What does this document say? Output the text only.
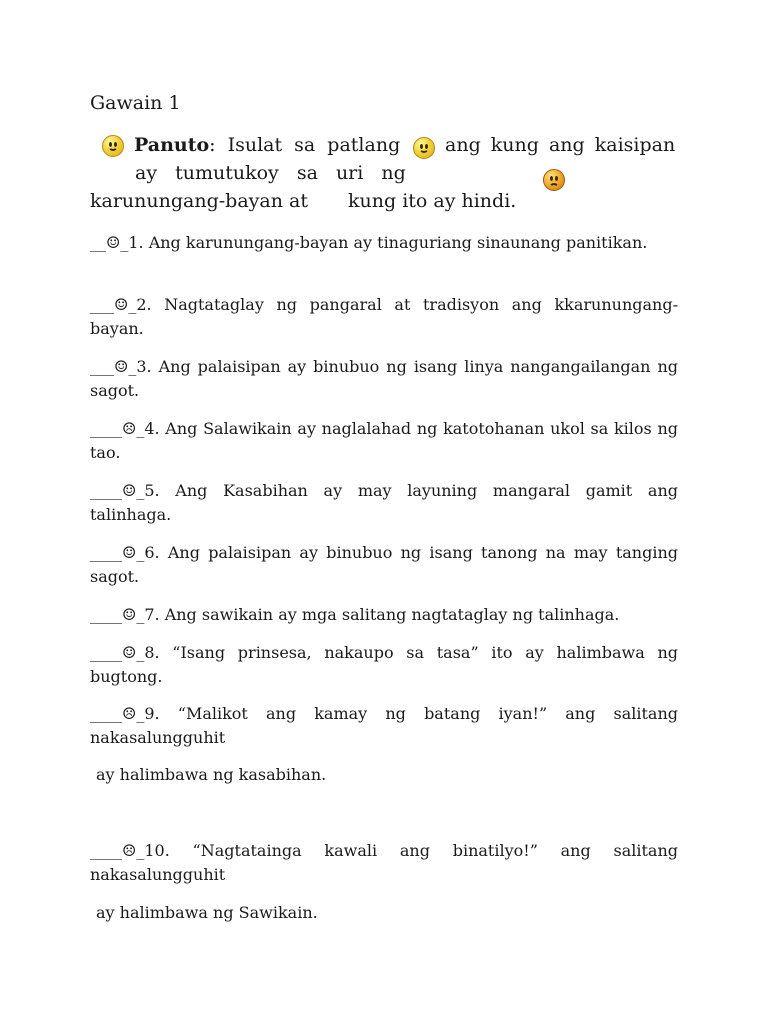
Gawain 1
Panuto: Isulat sa patlang ang kung ang kaisipan
ay tumutukoy sa uri ng
karunungang-bayan at kung ito ay hindi.
__☺_1. Ang karunungang-bayan ay tinaguriang sinaunang panitikan.
___☺_2. Nagtataglay ng pangaral at tradisyon ang kkarunungang-bayan.
___☺_3. Ang palaisipan ay binubuo ng isang linya nangangailangan ng sagot.
____☹_4. Ang Salawikain ay naglalahad ng katotohanan ukol sa kilos ng tao.
____☺_5. Ang Kasabihan ay may layuning mangaral gamit ang talinhaga.
____☺_6. Ang palaisipan ay binubuo ng isang tanong na may tanging sagot.
____☺_7. Ang sawikain ay mga salitang nagtataglay ng talinhaga.
____☺_8. “Isang prinsesa, nakaupo sa tasa” ito ay halimbawa ng bugtong.
____☹_9. “Malikot ang kamay ng batang iyan!” ang salitang nakasalungguhit
ay halimbawa ng kasabihan.
____☹_10. “Nagtatainga kawali ang binatilyo!” ang salitang nakasalungguhit
ay halimbawa ng Sawikain.
